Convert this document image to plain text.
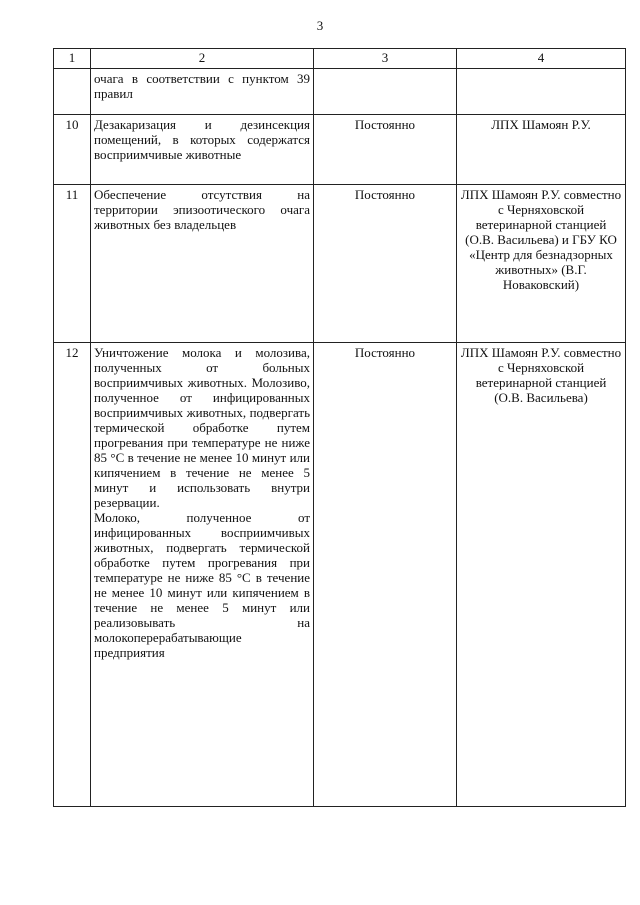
3
1	2	3	4

	очага в соответствии с пунктом 39 правил		

10	Дезакаризация и дезинсекция помещений, в которых содержатся восприимчивые животные	Постоянно	ЛПХ Шамоян Р.У.
11	Обеспечение отсутствия на территории эпизоотического очага животных без владельцев	Постоянно	ЛПХ Шамоян Р.У. совместно с Черняховской ветеринарной станцией (О.В. Васильева) и ГБУ КО «Центр для безнадзорных животных» (В.Г. Новаковский)
12	Уничтожение молока и молозива, полученных от больных восприимчивых животных. Молозиво, полученное от инфицированных восприимчивых животных, подвергать термической обработке путем прогревания при температуре не ниже 85 °С в течение не менее 10 минут или кипячением в течение не менее 5 минут и использовать внутри резервации.

Молоко, полученное от инфицированных восприимчивых животных, подвергать термической обработке путем прогревания при температуре не ниже 85 °С в течение не менее 10 минут или кипячением в течение не менее 5 минут или реализовывать на молокоперерабатывающие предприятия	Постоянно	ЛПХ Шамоян Р.У. совместно с Черняховской ветеринарной станцией (О.В. Васильева)
